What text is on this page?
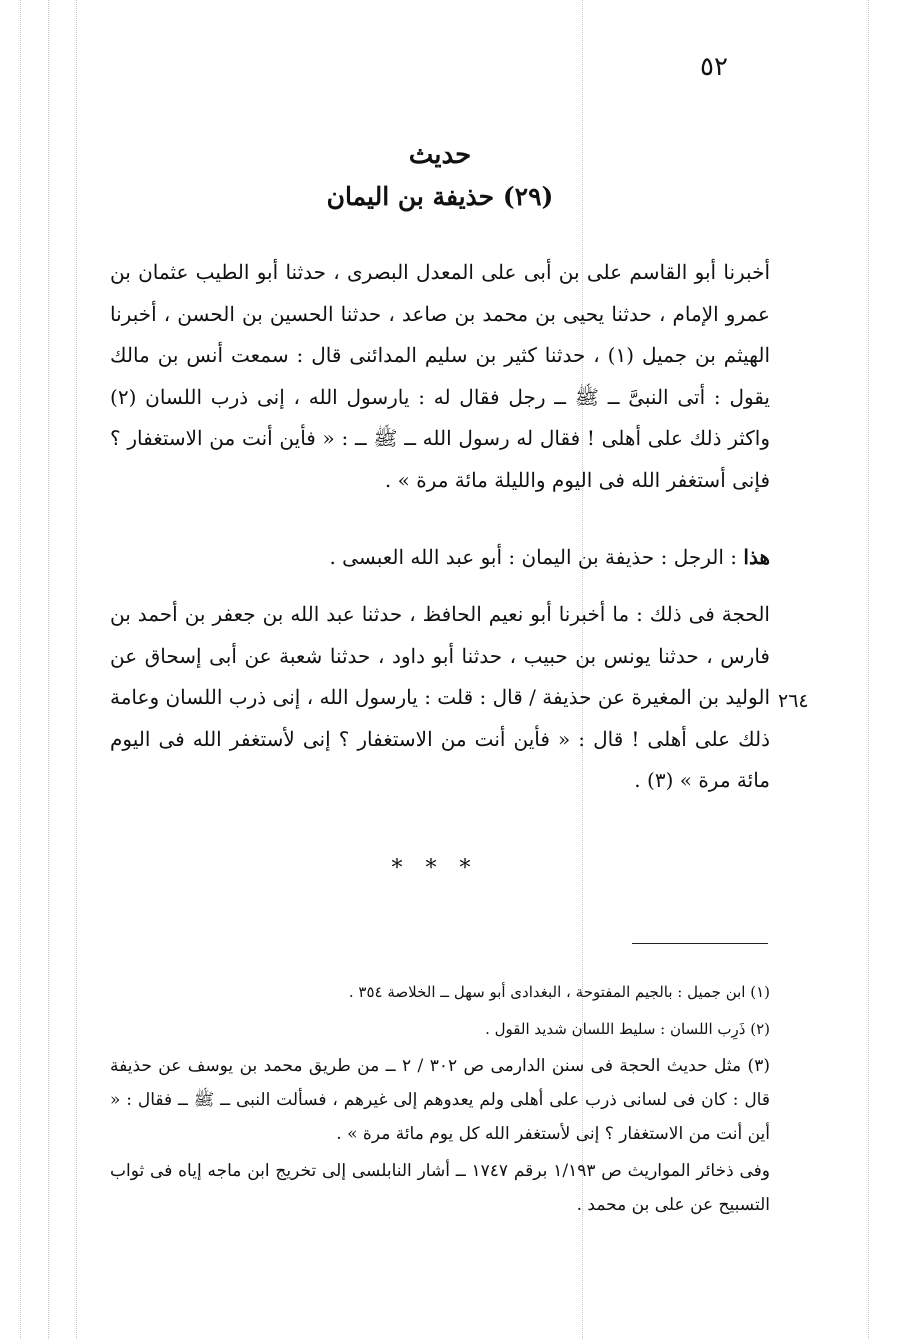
٥٢
حديث
(٢٩) حذيفة بن اليمان

أخبرنا أبو القاسم على بن أبى على المعدل البصرى ، حدثنا أبو الطيب عثمان بن عمرو الإمام ، حدثنا يحيى بن محمد بن صاعد ، حدثنا الحسين بن الحسن ، أخبرنا الهيثم بن جميل (١) ، حدثنا كثير بن سليم المدائنى قال : سمعت أنس بن مالك يقول : أتى النبىَّ ــ ﷺ ــ رجل فقال له : يارسول الله ، إنى ذرب اللسان (٢) واكثر ذلك على أهلى ! فقال له رسول الله ــ ﷺ ــ : « فأين أنت من الاستغفار ؟ فإنى أستغفر الله فى اليوم والليلة مائة مرة » .

هذا : الرجل : حذيفة بن اليمان : أبو عبد الله العبسى .

الحجة فى ذلك : ما أخبرنا أبو نعيم الحافظ ، حدثنا عبد الله بن جعفر بن أحمد بن فارس ، حدثنا يونس بن حبيب ، حدثنا أبو داود ، حدثنا شعبة عن أبى إسحاق عن الوليد بن المغيرة عن حذيفة / قال : قلت : يارسول الله ، إنى ذرب اللسان وعامة ذلك على أهلى ! قال : « فأين أنت من الاستغفار ؟ إنى لأستغفر الله فى اليوم مائة مرة » (٣) .

٢٦٤
* * *

(١) ابن جميل : بالجيم المفتوحة ، البغدادى أبو سهل ــ الخلاصة ٣٥٤ .

(٢) ذَرِب اللسان : سليط اللسان شديد القول .

(٣) مثل حديث الحجة فى سنن الدارمى ص ٣٠٢ / ٢ ــ من طريق محمد بن يوسف عن حذيفة قال : كان فى لسانى ذرب على أهلى ولم يعدوهم إلى غيرهم ، فسألت النبى ــ ﷺ ــ فقال : « أين أنت من الاستغفار ؟ إنى لأستغفر الله كل يوم مائة مرة » .

وفى ذخائر المواريث ص ١/١٩٣ برقم ١٧٤٧ ــ أشار النابلسى إلى تخريج ابن ماجه إياه فى ثواب التسبيح عن على بن محمد .
